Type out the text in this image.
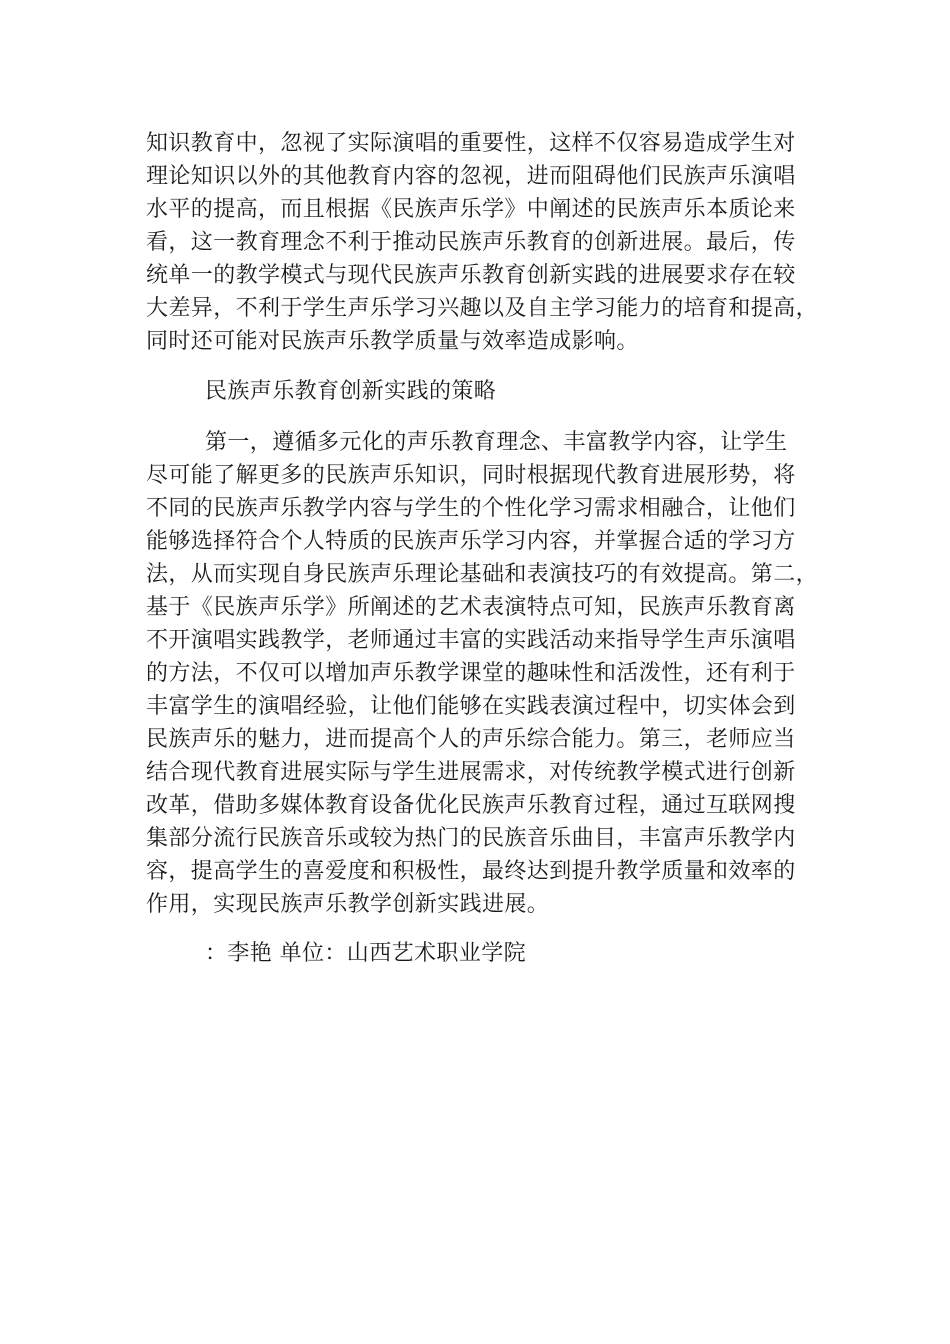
知识教育中，忽视了实际演唱的重要性，这样不仅容易造成学生对
理论知识以外的其他教育内容的忽视，进而阻碍他们民族声乐演唱
水平的提高，而且根据《民族声乐学》中阐述的民族声乐本质论来
看，这一教育理念不利于推动民族声乐教育的创新进展。最后，传
统单一的教学模式与现代民族声乐教育创新实践的进展要求存在较
大差异，不利于学生声乐学习兴趣以及自主学习能力的培育和提高，
同时还可能对民族声乐教学质量与效率造成影响。
民族声乐教育创新实践的策略
第一，遵循多元化的声乐教育理念、丰富教学内容，让学生
尽可能了解更多的民族声乐知识，同时根据现代教育进展形势，将
不同的民族声乐教学内容与学生的个性化学习需求相融合，让他们
能够选择符合个人特质的民族声乐学习内容，并掌握合适的学习方
法，从而实现自身民族声乐理论基础和表演技巧的有效提高。第二，
基于《民族声乐学》所阐述的艺术表演特点可知，民族声乐教育离
不开演唱实践教学，老师通过丰富的实践活动来指导学生声乐演唱
的方法，不仅可以增加声乐教学课堂的趣味性和活泼性，还有利于
丰富学生的演唱经验，让他们能够在实践表演过程中，切实体会到
民族声乐的魅力，进而提高个人的声乐综合能力。第三，老师应当
结合现代教育进展实际与学生进展需求，对传统教学模式进行创新
改革，借助多媒体教育设备优化民族声乐教育过程，通过互联网搜
集部分流行民族音乐或较为热门的民族音乐曲目，丰富声乐教学内
容，提高学生的喜爱度和积极性，最终达到提升教学质量和效率的
作用，实现民族声乐教学创新实践进展。
：李艳 单位：山西艺术职业学院
